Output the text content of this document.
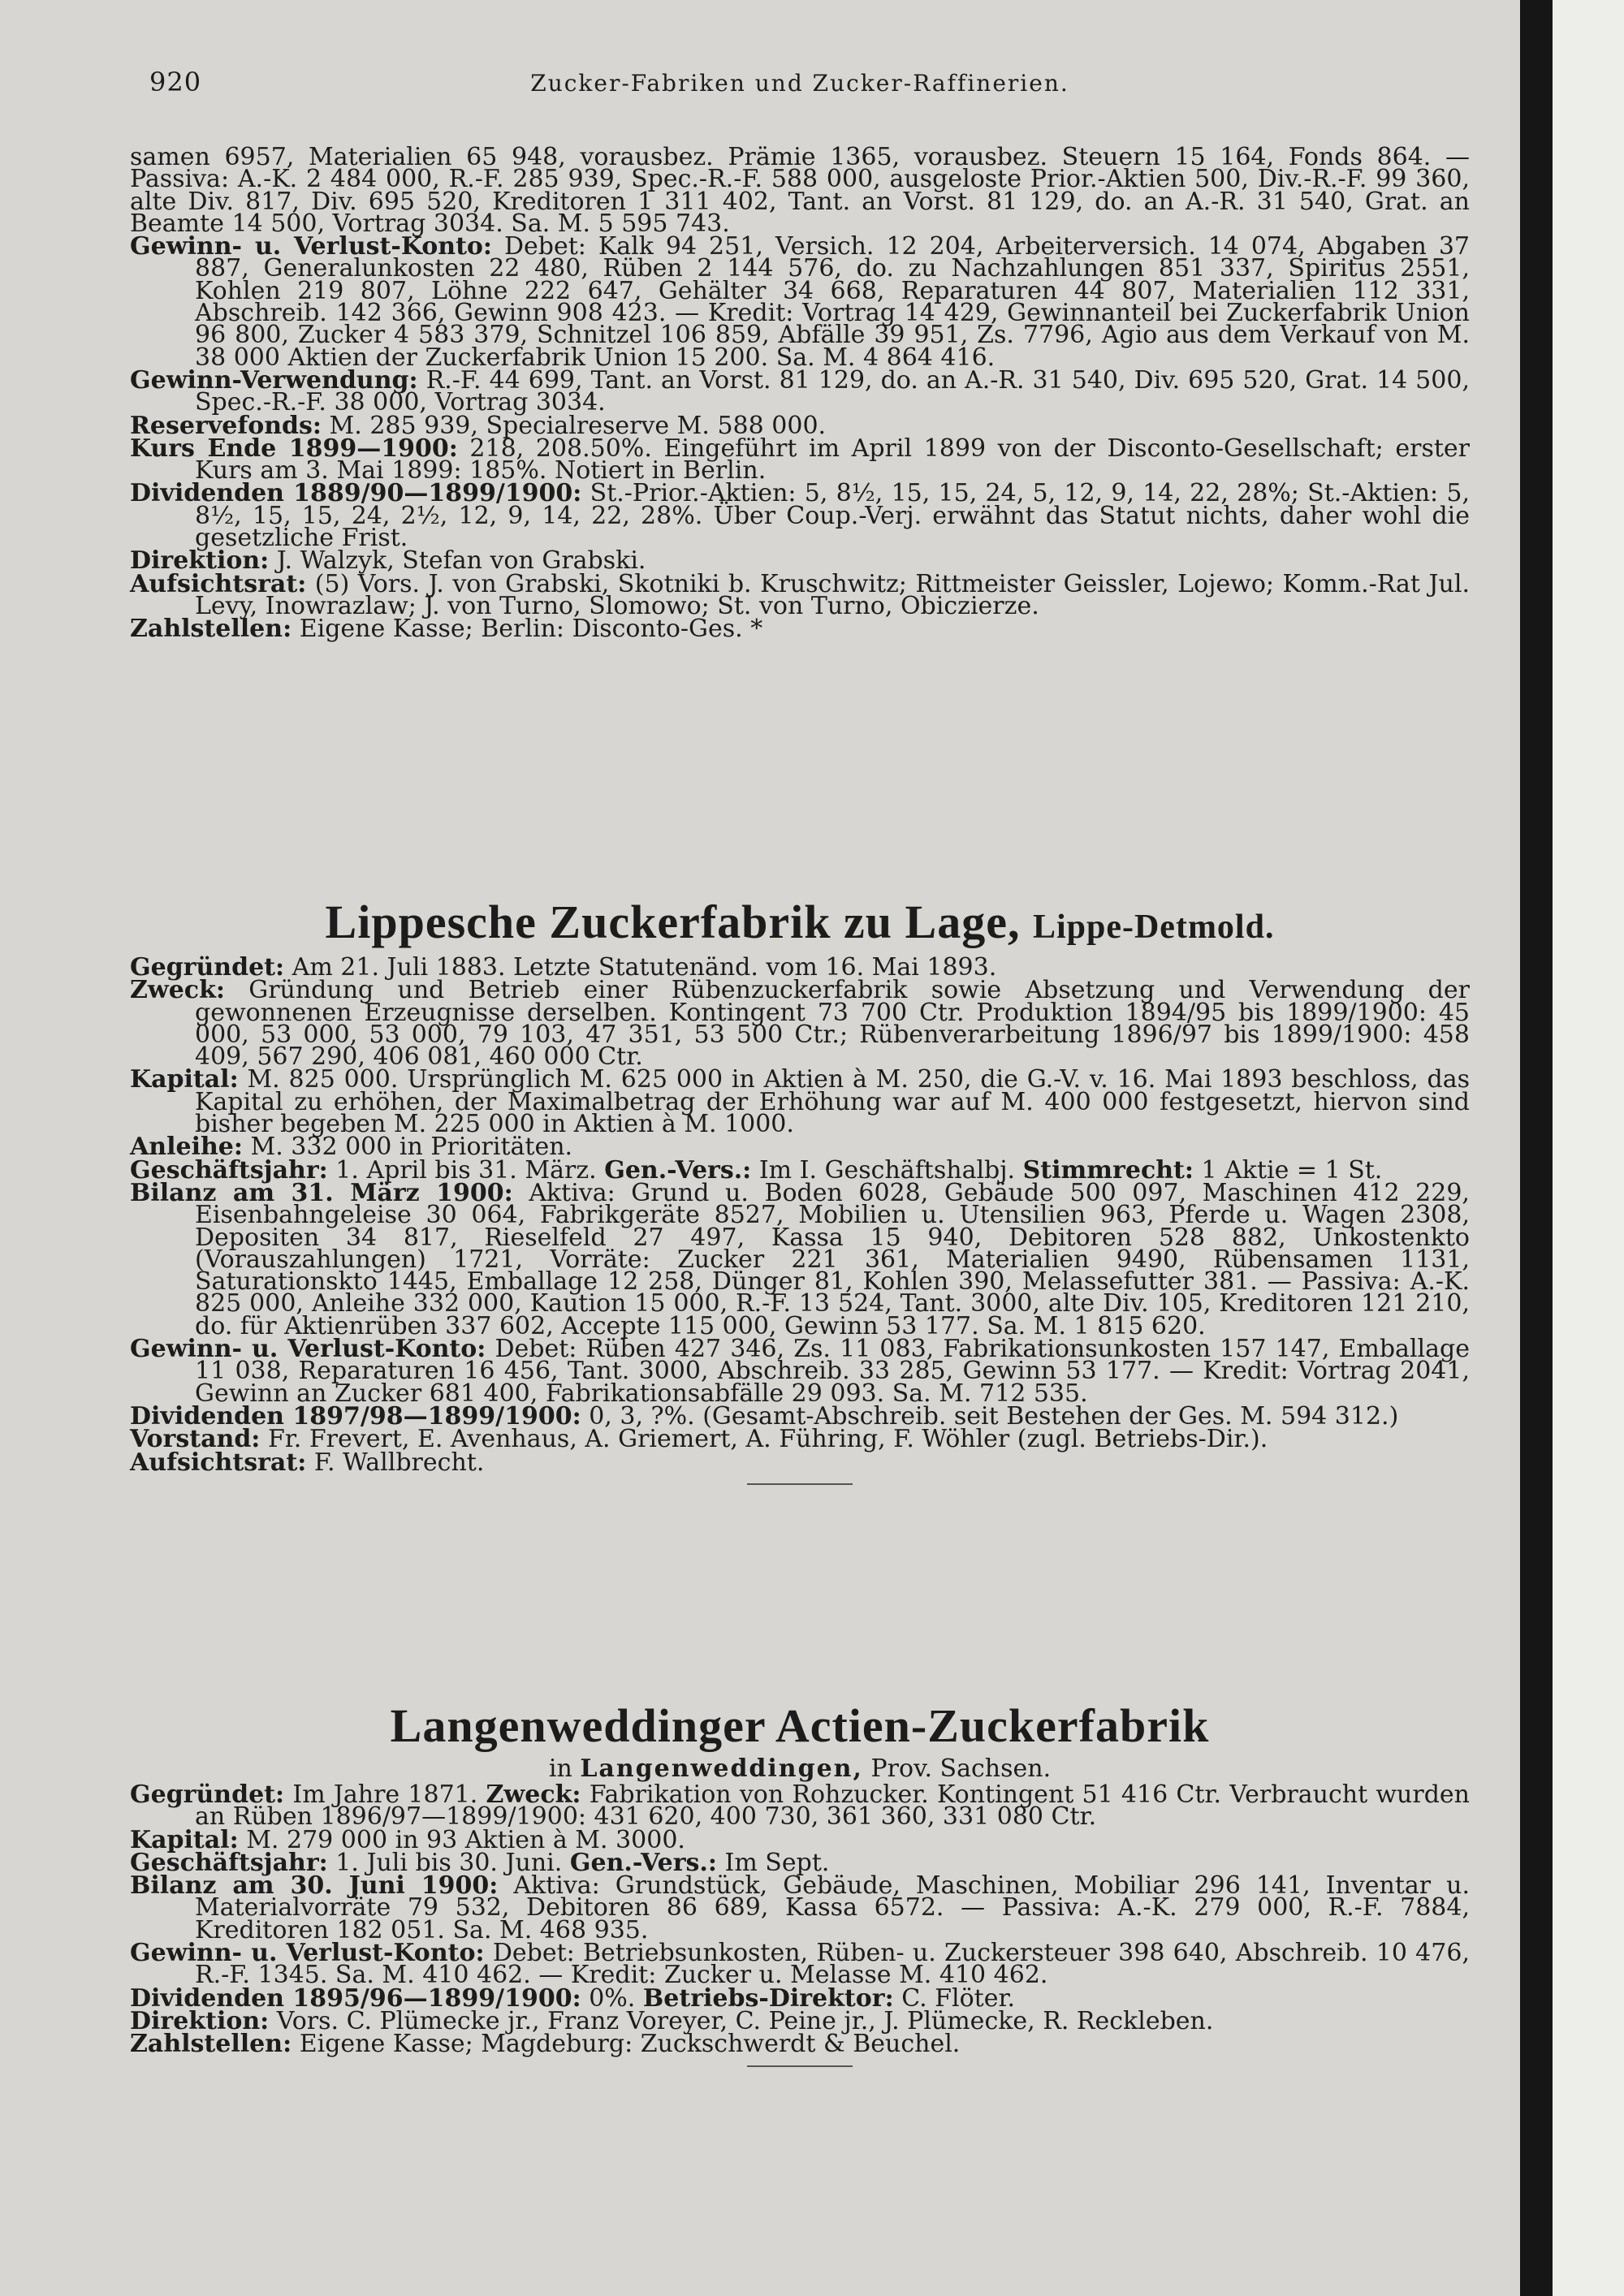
920	Zucker-Fabriken und Zucker-Raffinerien.

samen 6957, Materialien 65 948, vorausbez. Prämie 1365, vorausbez. Steuern 15 164, Fonds 864. — Passiva: A.-K. 2 484 000, R.-F. 285 939, Spec.-R.-F. 588 000, ausgeloste Prior.-Aktien 500, Div.-R.-F. 99 360, alte Div. 817, Div. 695 520, Kreditoren 1 311 402, Tant. an Vorst. 81 129, do. an A.-R. 31 540, Grat. an Beamte 14 500, Vortrag 3034. Sa. M. 5 595 743.

Gewinn- u. Verlust-Konto: Debet: Kalk 94 251, Versich. 12 204, Arbeiterversich. 14 074, Abgaben 37 887, Generalunkosten 22 480, Rüben 2 144 576, do. zu Nachzahlungen 851 337, Spiritus 2551, Kohlen 219 807, Löhne 222 647, Gehälter 34 668, Reparaturen 44 807, Materialien 112 331, Abschreib. 142 366, Gewinn 908 423. — Kredit: Vortrag 14 429, Gewinnanteil bei Zuckerfabrik Union 96 800, Zucker 4 583 379, Schnitzel 106 859, Abfälle 39 951, Zs. 7796, Agio aus dem Verkauf von M. 38 000 Aktien der Zuckerfabrik Union 15 200. Sa. M. 4 864 416.

Gewinn-Verwendung: R.-F. 44 699, Tant. an Vorst. 81 129, do. an A.-R. 31 540, Div. 695 520, Grat. 14 500, Spec.-R.-F. 38 000, Vortrag 3034.

Reservefonds: M. 285 939, Specialreserve M. 588 000.

Kurs Ende 1899—1900: 218, 208.50%. Eingeführt im April 1899 von der Disconto-Gesellschaft; erster Kurs am 3. Mai 1899: 185%. Notiert in Berlin.

Dividenden 1889/90—1899/1900: St.-Prior.-Aktien: 5, 8½, 15, 15, 24, 5, 12, 9, 14, 22, 28%; St.-Aktien: 5, 8½, 15, 15, 24, 2½, 12, 9, 14, 22, 28%. Über Coup.-Verj. erwähnt das Statut nichts, daher wohl die gesetzliche Frist.

Direktion: J. Walzyk, Stefan von Grabski.

Aufsichtsrat: (5) Vors. J. von Grabski, Skotniki b. Kruschwitz; Rittmeister Geissler, Lojewo; Komm.-Rat Jul. Levy, Inowrazlaw; J. von Turno, Slomowo; St. von Turno, Obiczierze.

Zahlstellen: Eigene Kasse; Berlin: Disconto-Ges. *

Lippesche Zuckerfabrik zu Lage, Lippe-Detmold.

Gegründet: Am 21. Juli 1883. Letzte Statutenänd. vom 16. Mai 1893.

Zweck: Gründung und Betrieb einer Rübenzuckerfabrik sowie Absetzung und Verwendung der gewonnenen Erzeugnisse derselben. Kontingent 73 700 Ctr. Produktion 1894/95 bis 1899/1900: 45 000, 53 000, 53 000, 79 103, 47 351, 53 500 Ctr.; Rübenverarbeitung 1896/97 bis 1899/1900: 458 409, 567 290, 406 081, 460 000 Ctr.

Kapital: M. 825 000. Ursprünglich M. 625 000 in Aktien à M. 250, die G.-V. v. 16. Mai 1893 beschloss, das Kapital zu erhöhen, der Maximalbetrag der Erhöhung war auf M. 400 000 festgesetzt, hiervon sind bisher begeben M. 225 000 in Aktien à M. 1000.

Anleihe: M. 332 000 in Prioritäten.

Geschäftsjahr: 1. April bis 31. März. Gen.-Vers.: Im I. Geschäftshalbj. Stimmrecht: 1 Aktie = 1 St.

Bilanz am 31. März 1900: Aktiva: Grund u. Boden 6028, Gebäude 500 097, Maschinen 412 229, Eisenbahngeleise 30 064, Fabrikgeräte 8527, Mobilien u. Utensilien 963, Pferde u. Wagen 2308, Depositen 34 817, Rieselfeld 27 497, Kassa 15 940, Debitoren 528 882, Unkostenkto (Vorauszahlungen) 1721, Vorräte: Zucker 221 361, Materialien 9490, Rübensamen 1131, Saturationskto 1445, Emballage 12 258, Dünger 81, Kohlen 390, Melassefutter 381. — Passiva: A.-K. 825 000, Anleihe 332 000, Kaution 15 000, R.-F. 13 524, Tant. 3000, alte Div. 105, Kreditoren 121 210, do. für Aktienrüben 337 602, Accepte 115 000, Gewinn 53 177. Sa. M. 1 815 620.

Gewinn- u. Verlust-Konto: Debet: Rüben 427 346, Zs. 11 083, Fabrikationsunkosten 157 147, Emballage 11 038, Reparaturen 16 456, Tant. 3000, Abschreib. 33 285, Gewinn 53 177. — Kredit: Vortrag 2041, Gewinn an Zucker 681 400, Fabrikationsabfälle 29 093. Sa. M. 712 535.

Dividenden 1897/98—1899/1900: 0, 3, ?%. (Gesamt-Abschreib. seit Bestehen der Ges. M. 594 312.)

Vorstand: Fr. Frevert, E. Avenhaus, A. Griemert, A. Führing, F. Wöhler (zugl. Betriebs-Dir.).

Aufsichtsrat: F. Wallbrecht.

Langenweddinger Actien-Zuckerfabrik

in Langenweddingen, Prov. Sachsen.

Gegründet: Im Jahre 1871. Zweck: Fabrikation von Rohzucker. Kontingent 51 416 Ctr. Verbraucht wurden an Rüben 1896/97—1899/1900: 431 620, 400 730, 361 360, 331 080 Ctr.

Kapital: M. 279 000 in 93 Aktien à M. 3000.

Geschäftsjahr: 1. Juli bis 30. Juni. Gen.-Vers.: Im Sept.

Bilanz am 30. Juni 1900: Aktiva: Grundstück, Gebäude, Maschinen, Mobiliar 296 141, Inventar u. Materialvorräte 79 532, Debitoren 86 689, Kassa 6572. — Passiva: A.-K. 279 000, R.-F. 7884, Kreditoren 182 051. Sa. M. 468 935.

Gewinn- u. Verlust-Konto: Debet: Betriebsunkosten, Rüben- u. Zuckersteuer 398 640, Abschreib. 10 476, R.-F. 1345. Sa. M. 410 462. — Kredit: Zucker u. Melasse M. 410 462.

Dividenden 1895/96—1899/1900: 0%. Betriebs-Direktor: C. Flöter.

Direktion: Vors. C. Plümecke jr., Franz Voreyer, C. Peine jr., J. Plümecke, R. Reckleben.

Zahlstellen: Eigene Kasse; Magdeburg: Zuckschwerdt & Beuchel.
